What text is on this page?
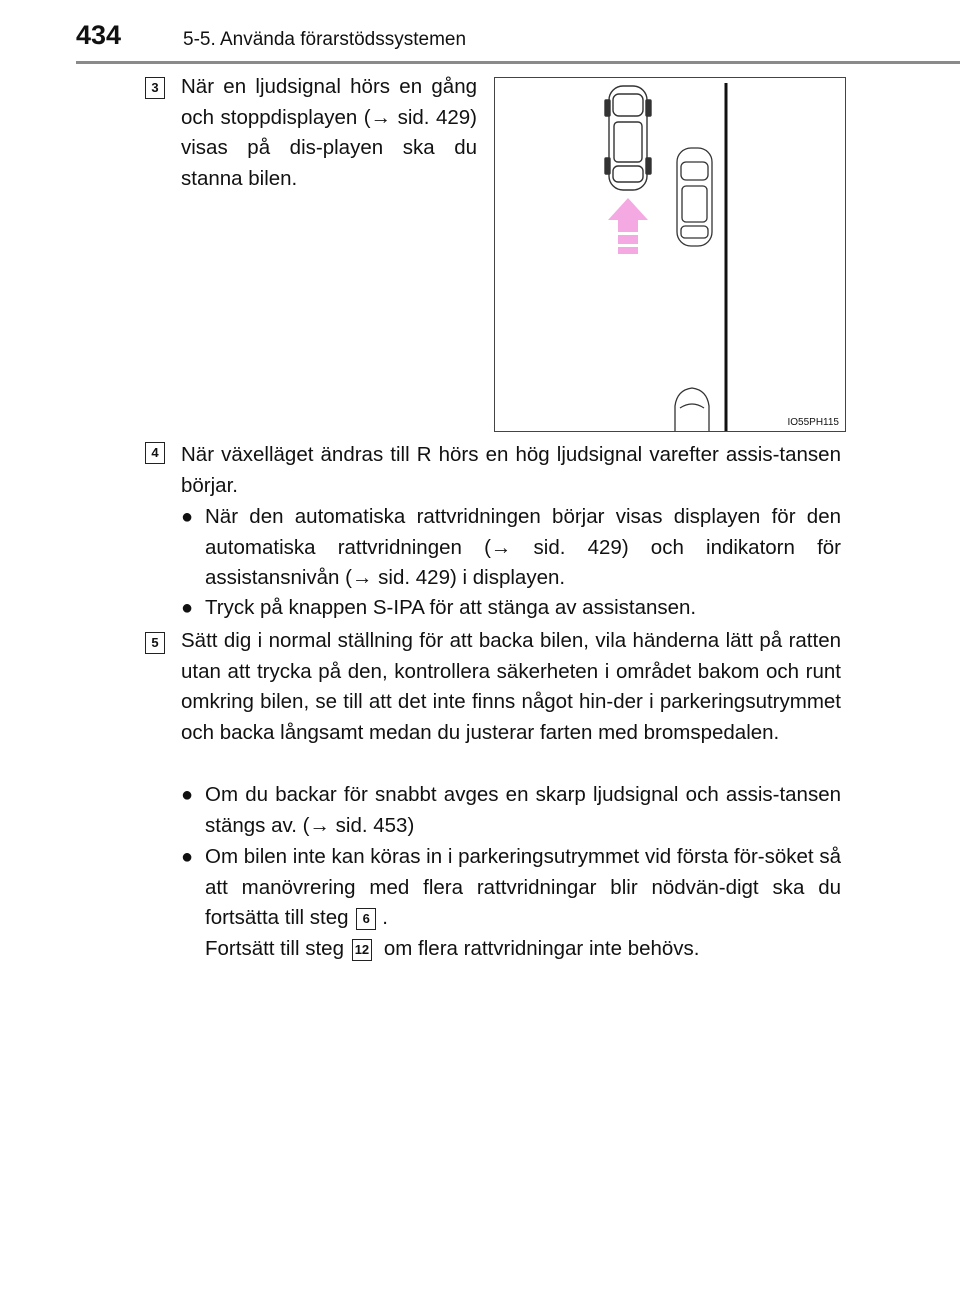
434	5-5. Använda förarstödssystemen
3	När en ljudsignal hörs en gång och stoppdisplayen (→ sid. 429) visas på dis-playen ska du stanna bilen.
IO55PH115
4	När växelläget ändras till R hörs en hög ljudsignal varefter assis-tansen börjar.
● När den automatiska rattvridningen börjar visas displayen för den automatiska rattvridningen (→ sid. 429) och indikatorn för assistansnivån (→ sid. 429) i displayen.
● Tryck på knappen S-IPA för att stänga av assistansen.
5	Sätt dig i normal ställning för att backa bilen, vila händerna lätt på ratten utan att trycka på den, kontrollera säkerheten i området bakom och runt omkring bilen, se till att det inte finns något hin-der i parkeringsutrymmet och backa långsamt medan du justerar farten med bromspedalen.
● Om du backar för snabbt avges en skarp ljudsignal och assis-tansen stängs av. (→ sid. 453)
● Om bilen inte kan köras in i parkeringsutrymmet vid första för-söket så att manövrering med flera rattvridningar blir nödvän-digt ska du fortsätta till steg 6 .
Fortsätt till steg 12 om flera rattvridningar inte behövs.
